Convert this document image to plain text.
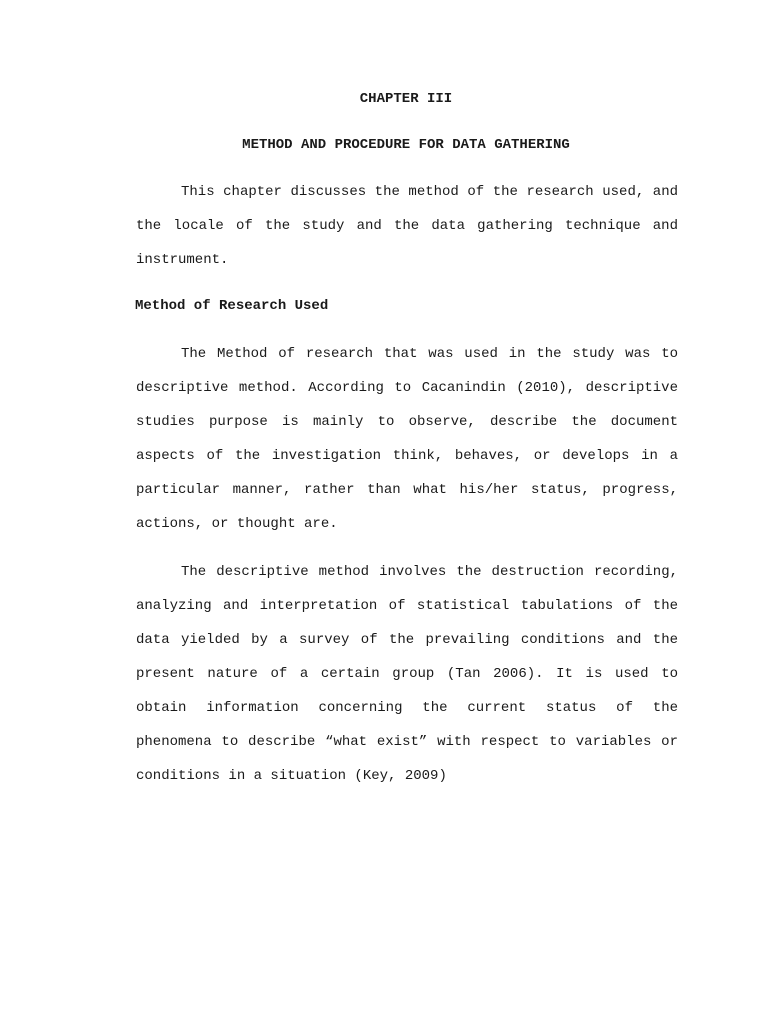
CHAPTER III
METHOD AND PROCEDURE FOR DATA GATHERING

This chapter discusses the method of the research used, and the locale of the study and the data gathering technique and instrument.

Method of Research Used

The Method of research that was used in the study was to descriptive method. According to Cacanindin (2010), descriptive studies purpose is mainly to observe, describe the document aspects of the investigation think, behaves, or develops in a particular manner, rather than what his/her status, progress, actions, or thought are.

The descriptive method involves the destruction recording, analyzing and interpretation of statistical tabulations of the data yielded by a survey of the prevailing conditions and the present nature of a certain group (Tan 2006). It is used to obtain information concerning the current status of the phenomena to describe “what exist” with respect to variables or conditions in a situation (Key, 2009)
